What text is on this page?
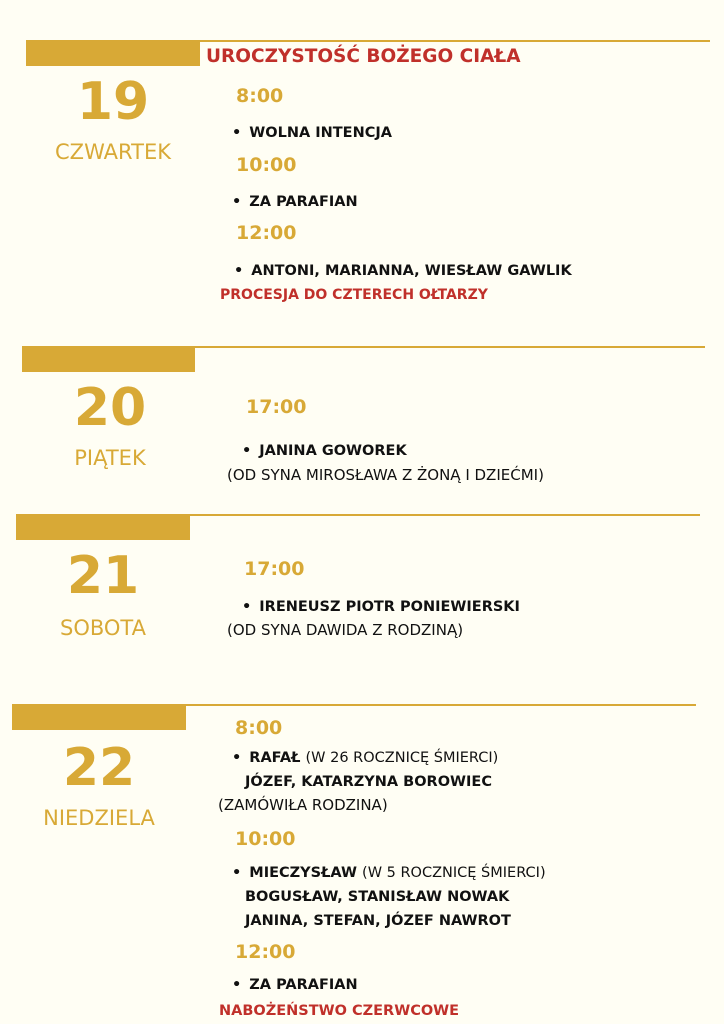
UROCZYSTOŚĆ BOŻEGO CIAŁA
19
CZWARTEK
8:00
• WOLNA INTENCJA
10:00
• ZA PARAFIAN
12:00
• ANTONI, MARIANNA, WIESŁAW GAWLIK
PROCESJA DO CZTERECH OŁTARZY
20
PIĄTEK
17:00
• JANINA GOWOREK
(OD SYNA MIROSŁAWA Z ŻONĄ I DZIEĆMI)
21
SOBOTA
17:00
• IRENEUSZ PIOTR PONIEWIERSKI
(OD SYNA DAWIDA Z RODZINĄ)
22
NIEDZIELA
8:00
• RAFAŁ (W 26 ROCZNICĘ ŚMIERCI)
JÓZEF, KATARZYNA BOROWIEC
(ZAMÓWIŁA RODZINA)
10:00
• MIECZYSŁAW (W 5 ROCZNICĘ ŚMIERCI)
BOGUSŁAW, STANISŁAW NOWAK
JANINA, STEFAN, JÓZEF NAWROT
12:00
• ZA PARAFIAN
NABOŻEŃSTWO CZERWCOWE
